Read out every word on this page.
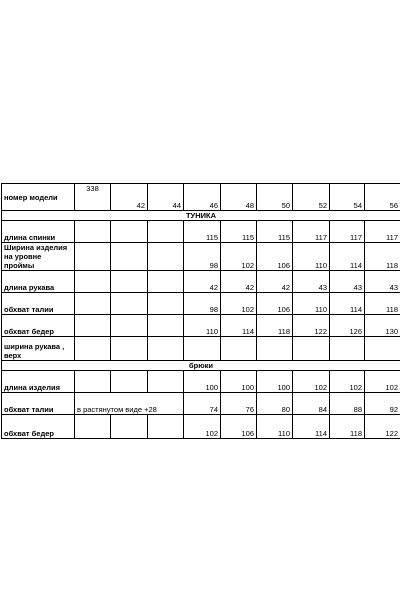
номер модели	338	42	44	46	48	50	52	54	56
ТУНИКА									
длина спинки				115	115	115	117	117	117
Ширина изделия на уровне проймы				98	102	106	110	114	118
длина рукава				42	42	42	43	43	43
обхват талии				98	102	106	110	114	118
обхват бедер				110	114	118	122	126	130
ширина рукава , верх									
брюки									
длина изделия				100	100	100	102	102	102
обхват талии	в растянутом виде +28			74	76	80	84	88	92
обхват бедер				102	106	110	114	118	122
